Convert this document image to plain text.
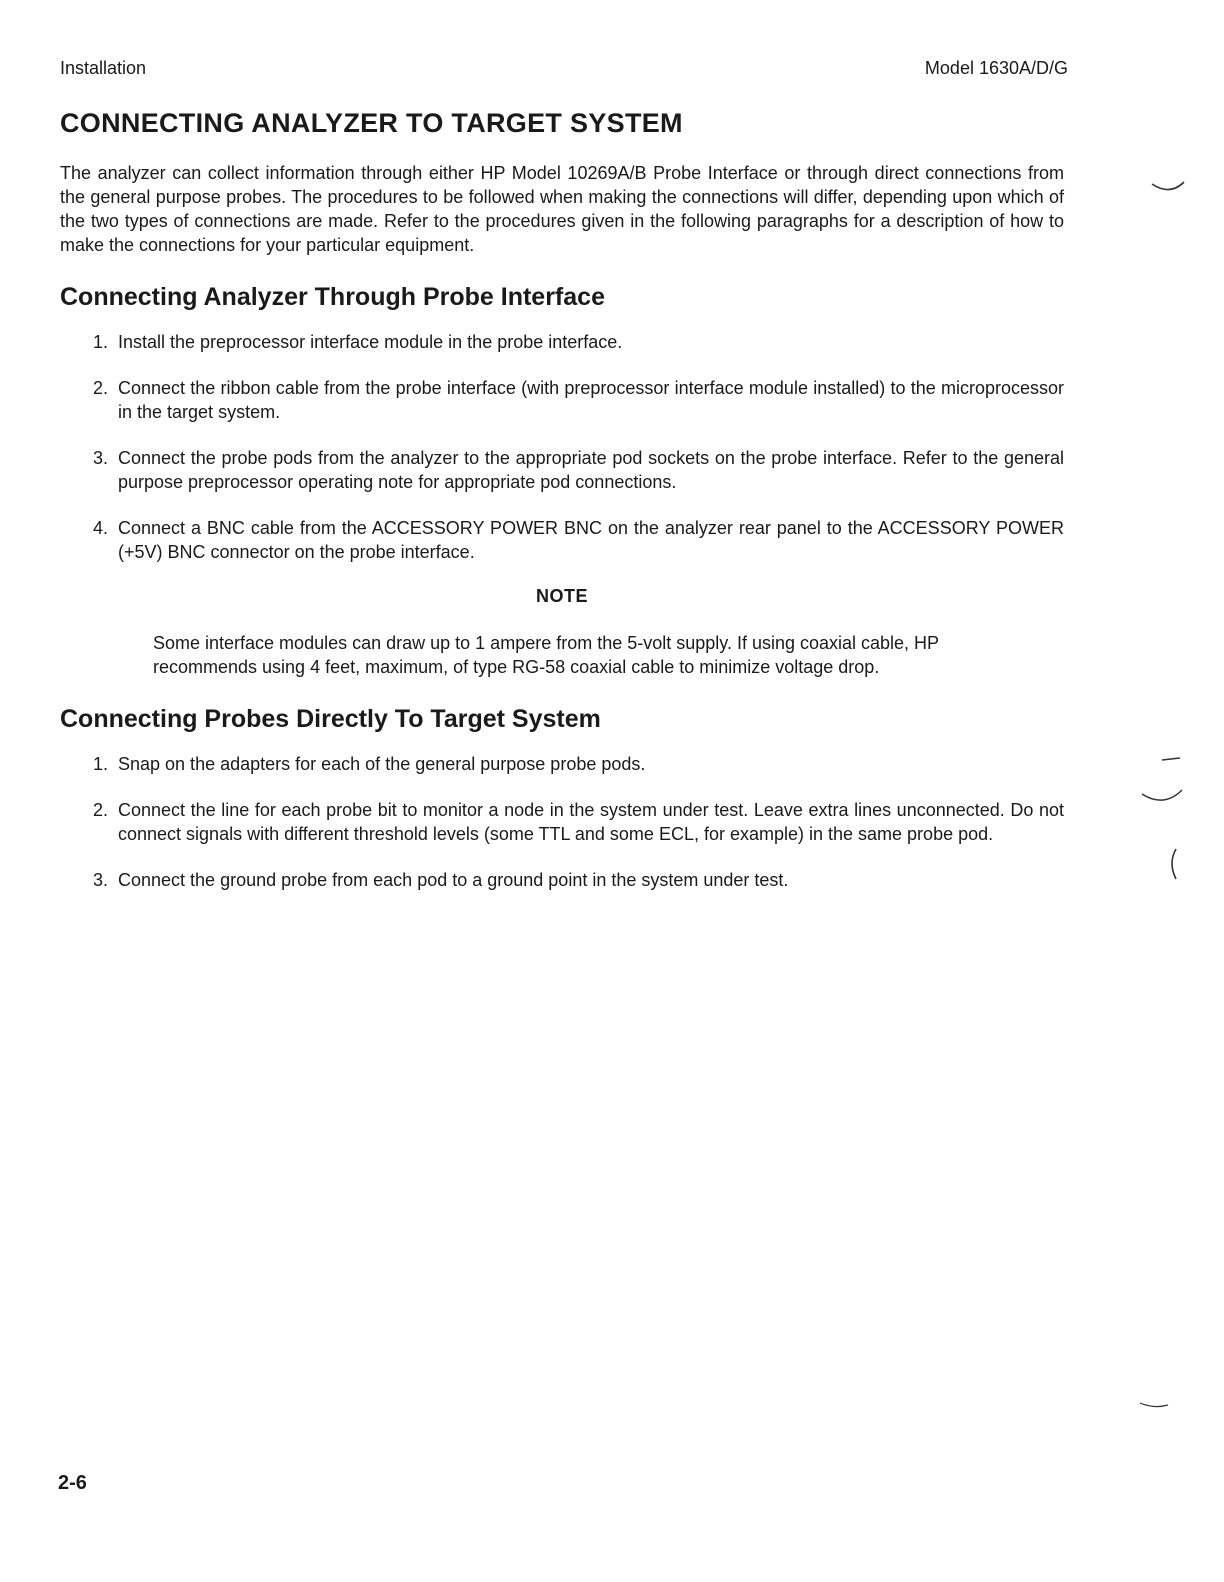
Installation	Model 1630A/D/G
CONNECTING ANALYZER TO TARGET SYSTEM

The analyzer can collect information through either HP Model 10269A/B Probe Interface or through direct connections from the general purpose probes. The procedures to be followed when making the connections will differ, depending upon which of the two types of connections are made. Refer to the procedures given in the following paragraphs for a description of how to make the connections for your particular equipment.

Connecting Analyzer Through Probe Interface
1. Install the preprocessor interface module in the probe interface.
2. Connect the ribbon cable from the probe interface (with preprocessor interface module installed) to the microprocessor in the target system.
3. Connect the probe pods from the analyzer to the appropriate pod sockets on the probe interface. Refer to the general purpose preprocessor operating note for appropriate pod connections.
4. Connect a BNC cable from the ACCESSORY POWER BNC on the analyzer rear panel to the ACCESSORY POWER (+5V) BNC connector on the probe interface.
NOTE
Some interface modules can draw up to 1 ampere from the 5-volt supply. If using coaxial cable, HP recommends using 4 feet, maximum, of type RG-58 coaxial cable to minimize voltage drop.
Connecting Probes Directly To Target System
1. Snap on the adapters for each of the general purpose probe pods.
2. Connect the line for each probe bit to monitor a node in the system under test. Leave extra lines unconnected. Do not connect signals with different threshold levels (some TTL and some ECL, for example) in the same probe pod.
3. Connect the ground probe from each pod to a ground point in the system under test.
2-6
